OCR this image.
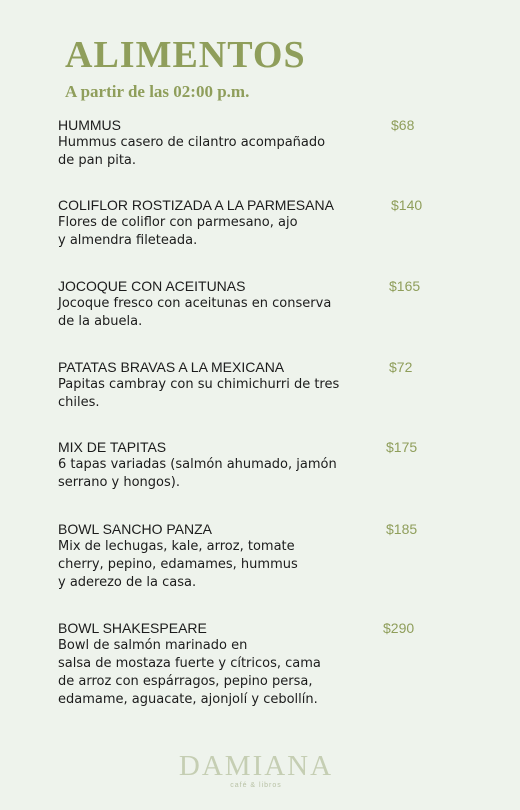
ALIMENTOS
A partir de las 02:00 p.m.
HUMMUS
Hummus casero de cilantro acompañado
de pan pita.
$68
COLIFLOR ROSTIZADA A LA PARMESANA
Flores de coliflor con parmesano, ajo
y almendra fileteada.
$140
JOCOQUE CON ACEITUNAS
Jocoque fresco con aceitunas en conserva
de la abuela.
$165
PATATAS BRAVAS A LA MEXICANA
Papitas cambray con su chimichurri de tres
chiles.
$72
MIX DE TAPITAS
6 tapas variadas (salmón ahumado, jamón
serrano y hongos).
$175
BOWL SANCHO PANZA
Mix de lechugas, kale, arroz, tomate
cherry, pepino, edamames, hummus
y aderezo de la casa.
$185
BOWL SHAKESPEARE
Bowl de salmón marinado en
salsa de mostaza fuerte y cítricos, cama
de arroz con espárragos, pepino persa,
edamame, aguacate, ajonjolí y cebollín.
$290
DAMIANA
café & libros
